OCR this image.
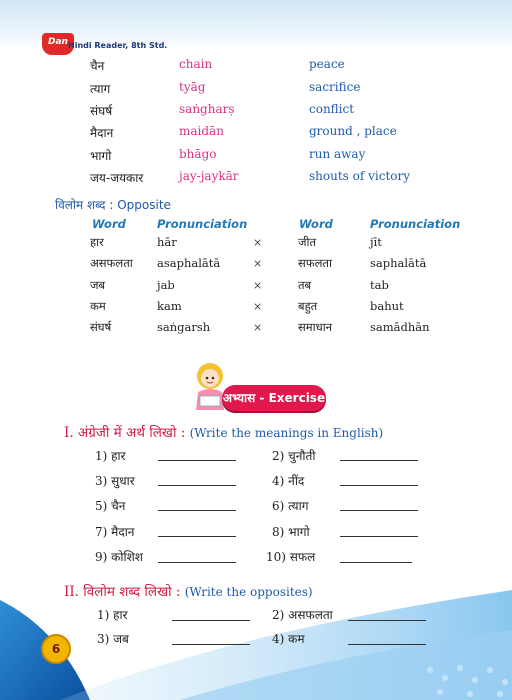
Dan Hindi Reader, 8th Std.
चैन	chain	peace
त्याग	tyāg	sacrifice
संघर्ष	saṅgharṣ	conflict
मैदान	maidān	ground , place
भागो	bhāgo	run away
जय-जयकार	jay-jaykār	shouts of victory
विलोम शब्द : Opposite
Word	Pronunciation	Word	Pronunciation
हार	hār	×	जीत	jīt
असफलता asaphalātā	×	सफलता	saphalātā
जब	jab	×	तब	tab
कम	kam	×	बहुत	bahut
संघर्ष	saṅgarsh	×	समाधान	samādhān
अभ्यास - Exercise
I. अंग्रेजी में अर्थ लिखो : (Write the meanings in English)
1) हार	2) चुनौती
3) सुधार	4) नींद
5) चैन	6) त्याग
7) मैदान	8) भागो
9) कोशिश	10) सफल
II. विलोम शब्द लिखो : (Write the opposites)
1) हार	2) असफलता
3) जब	4) कम
6
